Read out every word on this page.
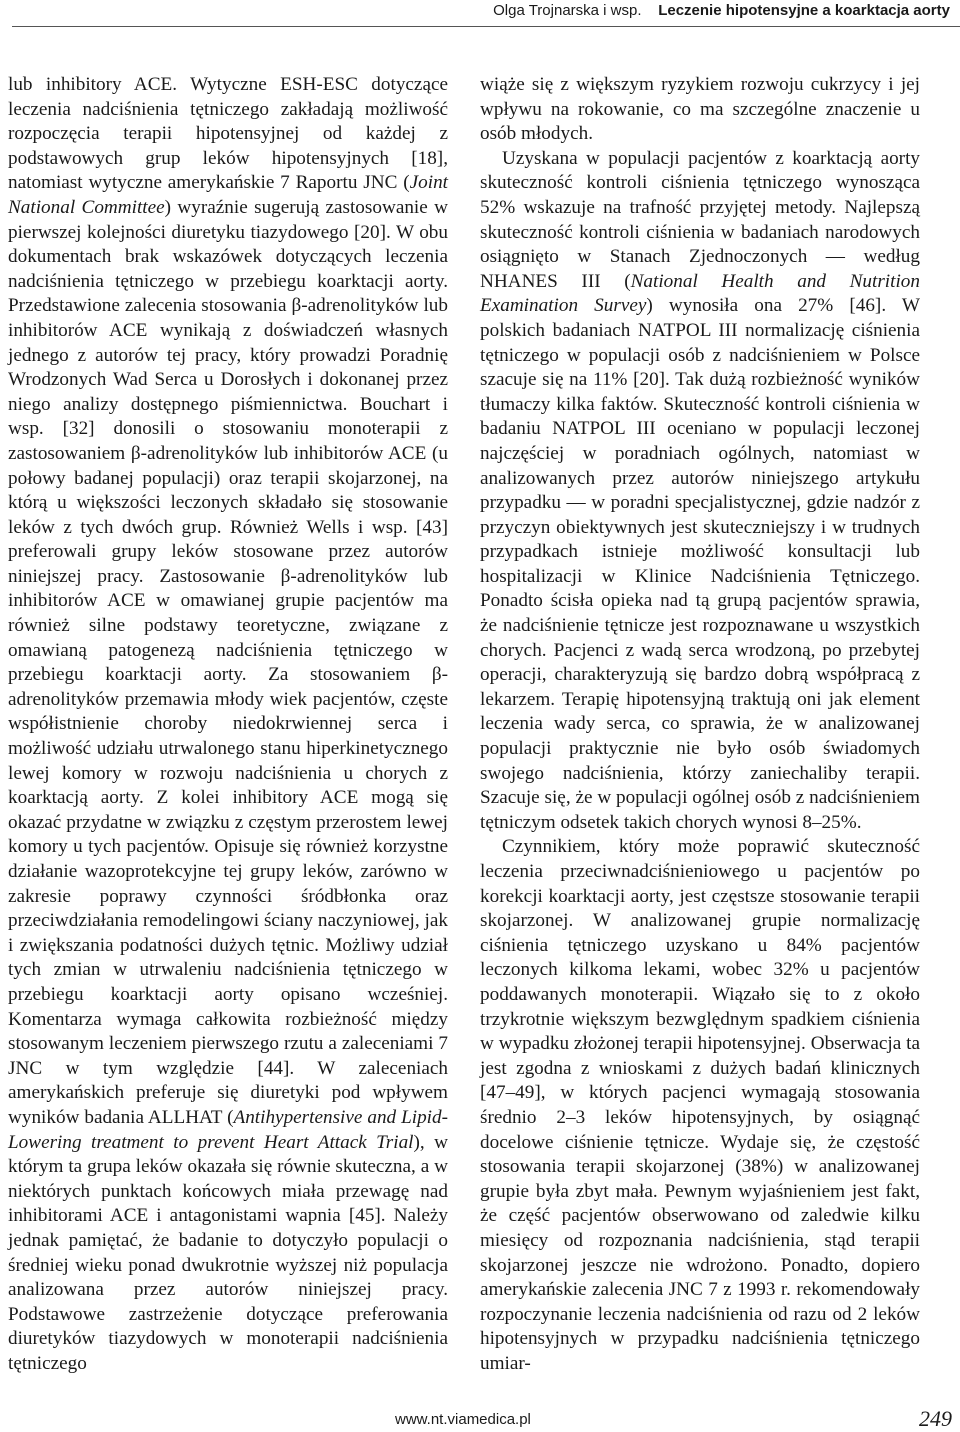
Olga Trojnarska i wsp. Leczenie hipotensyjne a koarktacja aorty

lub inhibitory ACE. Wytyczne ESH-ESC dotyczące leczenia nadciśnienia tętniczego zakładają możliwość rozpoczęcia terapii hipotensyjnej od każdej z podstawowych grup leków hipotensyjnych [18], natomiast wytyczne amerykańskie 7 Raportu JNC (Joint National Committee) wyraźnie sugerują zastosowanie w pierwszej kolejności diuretyku tiazydowego [20]. W obu dokumentach brak wskazówek dotyczących leczenia nadciśnienia tętniczego w przebiegu koarktacji aorty. Przedstawione zalecenia stosowania β-adrenolityków lub inhibitorów ACE wynikają z doświadczeń własnych jednego z autorów tej pracy, który prowadzi Poradnię Wrodzonych Wad Serca u Dorosłych i dokonanej przez niego analizy dostępnego piśmiennictwa. Bouchart i wsp. [32] donosili o stosowaniu monoterapii z zastosowaniem β-adrenolityków lub inhibitorów ACE (u połowy badanej populacji) oraz terapii skojarzonej, na którą u większości leczonych składało się stosowanie leków z tych dwóch grup. Również Wells i wsp. [43] preferowali grupy leków stosowane przez autorów niniejszej pracy. Zastosowanie β-adrenolityków lub inhibitorów ACE w omawianej grupie pacjentów ma również silne podstawy teoretyczne, związane z omawianą patogenezą nadciśnienia tętniczego w przebiegu koarktacji aorty. Za stosowaniem β-adrenolityków przemawia młody wiek pacjentów, częste współistnienie choroby niedokrwiennej serca i możliwość udziału utrwalonego stanu hiperkinetycznego lewej komory w rozwoju nadciśnienia u chorych z koarktacją aorty. Z kolei inhibitory ACE mogą się okazać przydatne w związku z częstym przerostem lewej komory u tych pacjentów. Opisuje się również korzystne działanie wazoprotekcyjne tej grupy leków, zarówno w zakresie poprawy czynności śródbłonka oraz przeciwdziałania remodelingowi ściany naczyniowej, jak i zwiększania podatności dużych tętnic. Możliwy udział tych zmian w utrwaleniu nadciśnienia tętniczego w przebiegu koarktacji aorty opisano wcześniej. Komentarza wymaga całkowita rozbieżność między stosowanym leczeniem pierwszego rzutu a zaleceniami 7 JNC w tym względzie [44]. W zaleceniach amerykańskich preferuje się diuretyki pod wpływem wyników badania ALLHAT (Antihypertensive and Lipid-Lowering treatment to prevent Heart Attack Trial), w którym ta grupa leków okazała się równie skuteczna, a w niektórych punktach końcowych miała przewagę nad inhibitorami ACE i antagonistami wapnia [45]. Należy jednak pamiętać, że badanie to dotyczyło populacji o średniej wieku ponad dwukrotnie wyższej niż populacja analizowana przez autorów niniejszej pracy. Podstawowe zastrzeżenie dotyczące preferowania diuretyków tiazydowych w monoterapii nadciśnienia tętniczego

wiąże się z większym ryzykiem rozwoju cukrzycy i jej wpływu na rokowanie, co ma szczególne znaczenie u osób młodych.

Uzyskana w populacji pacjentów z koarktacją aorty skuteczność kontroli ciśnienia tętniczego wynosząca 52% wskazuje na trafność przyjętej metody. Najlepszą skuteczność kontroli ciśnienia w badaniach narodowych osiągnięto w Stanach Zjednoczonych — według NHANES III (National Health and Nutrition Examination Survey) wynosiła ona 27% [46]. W polskich badaniach NATPOL III normalizację ciśnienia tętniczego w populacji osób z nadciśnieniem w Polsce szacuje się na 11% [20]. Tak dużą rozbieżność wyników tłumaczy kilka faktów. Skuteczność kontroli ciśnienia w badaniu NATPOL III oceniano w populacji leczonej najczęściej w poradniach ogólnych, natomiast w analizowanych przez autorów niniejszego artykułu przypadku — w poradni specjalistycznej, gdzie nadzór z przyczyn obiektywnych jest skuteczniejszy i w trudnych przypadkach istnieje możliwość konsultacji lub hospitalizacji w Klinice Nadciśnienia Tętniczego. Ponadto ścisła opieka nad tą grupą pacjentów sprawia, że nadciśnienie tętnicze jest rozpoznawane u wszystkich chorych. Pacjenci z wadą serca wrodzoną, po przebytej operacji, charakteryzują się bardzo dobrą współpracą z lekarzem. Terapię hipotensyjną traktują oni jak element leczenia wady serca, co sprawia, że w analizowanej populacji praktycznie nie było osób świadomych swojego nadciśnienia, którzy zaniechaliby terapii. Szacuje się, że w populacji ogólnej osób z nadciśnieniem tętniczym odsetek takich chorych wynosi 8–25%.

Czynnikiem, który może poprawić skuteczność leczenia przeciwnadciśnieniowego u pacjentów po korekcji koarktacji aorty, jest częstsze stosowanie terapii skojarzonej. W analizowanej grupie normalizację ciśnienia tętniczego uzyskano u 84% pacjentów leczonych kilkoma lekami, wobec 32% u pacjentów poddawanych monoterapii. Wiązało się to z około trzykrotnie większym bezwględnym spadkiem ciśnienia w wypadku złożonej terapii hipotensyjnej. Obserwacja ta jest zgodna z wnioskami z dużych badań klinicznych [47–49], w których pacjenci wymagają stosowania średnio 2–3 leków hipotensyjnych, by osiągnąć docelowe ciśnienie tętnicze. Wydaje się, że częstość stosowania terapii skojarzonej (38%) w analizowanej grupie była zbyt mała. Pewnym wyjaśnieniem jest fakt, że część pacjentów obserwowano od zaledwie kilku miesięcy od rozpoznania nadciśnienia, stąd terapii skojarzonej jeszcze nie wdrożono. Ponadto, dopiero amerykańskie zalecenia JNC 7 z 1993 r. rekomendowały rozpoczynanie leczenia nadciśnienia od razu od 2 leków hipotensyjnych w przypadku nadciśnienia tętniczego umiar-

www.nt.viamedica.pl	249
